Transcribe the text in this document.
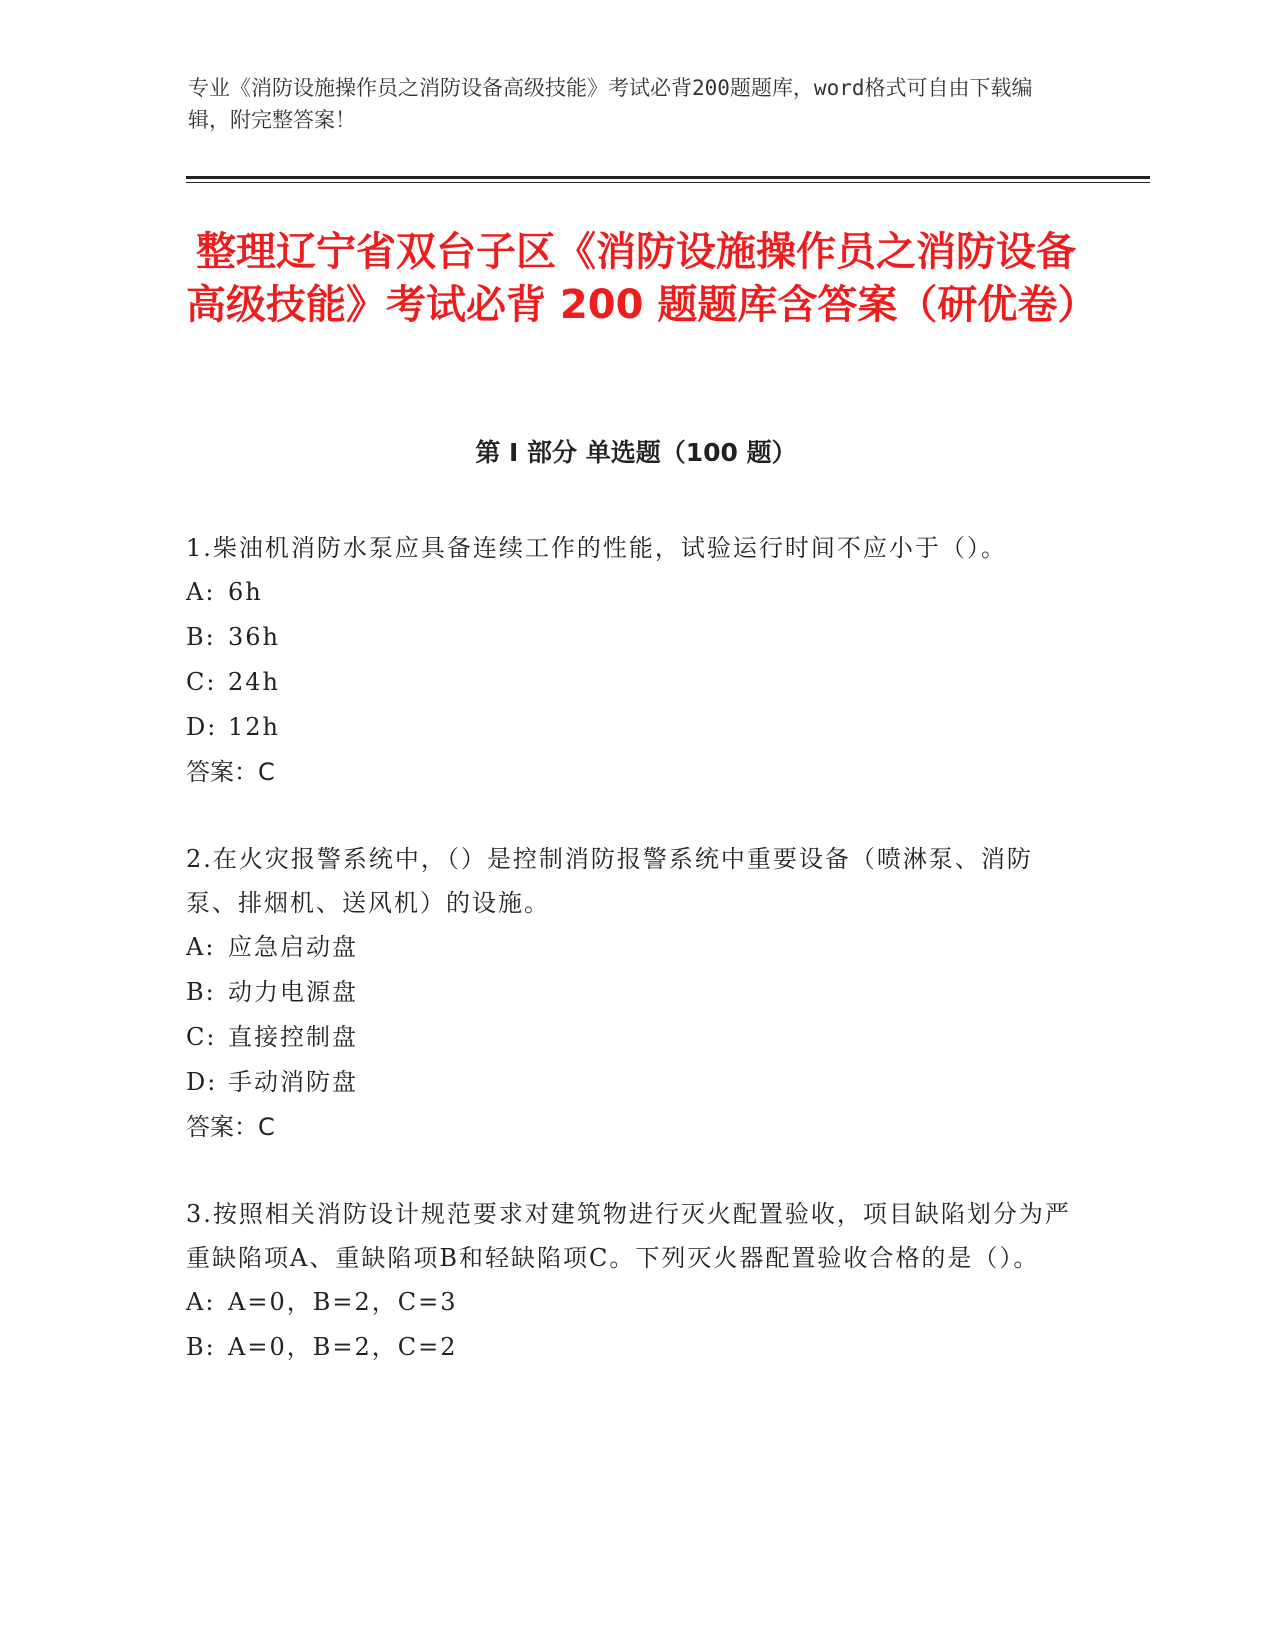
专业《消防设施操作员之消防设备高级技能》考试必背200题题库，word格式可自由下载编辑，附完整答案！

整理辽宁省双台子区《消防设施操作员之消防设备高级技能》考试必背 200 题题库含答案（研优卷）
第 I 部分 单选题（100 题）

1.柴油机消防水泵应具备连续工作的性能，试验运行时间不应小于（）。

A: 6h

B: 36h

C: 24h

D: 12h

答案：C

2.在火灾报警系统中，（）是控制消防报警系统中重要设备（喷淋泵、消防泵、排烟机、送风机）的设施。

A: 应急启动盘

B: 动力电源盘

C: 直接控制盘

D: 手动消防盘

答案：C

3.按照相关消防设计规范要求对建筑物进行灭火配置验收，项目缺陷划分为严重缺陷项A、重缺陷项B和轻缺陷项C。下列灭火器配置验收合格的是（）。

A: A=0，B=2，C=3

B: A=0，B=2，C=2
